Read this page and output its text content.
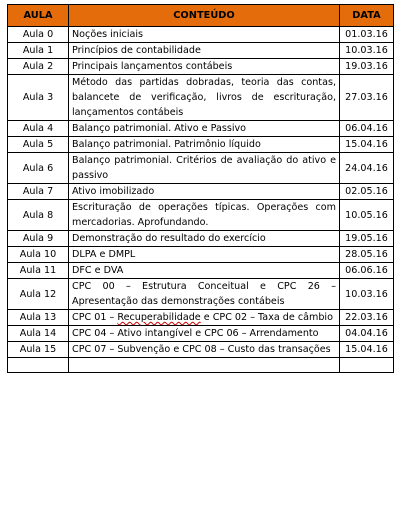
AULA	CONTEÚDO	DATA
Aula 0	Noções iniciais	01.03.16
Aula 1	Princípios de contabilidade	10.03.16
Aula 2	Principais lançamentos contábeis	19.03.16
Aula 3	Método das partidas dobradas, teoria das contas, balancete de verificação, livros de escrituração, lançamentos contábeis	27.03.16
Aula 4	Balanço patrimonial. Ativo e Passivo	06.04.16
Aula 5	Balanço patrimonial. Patrimônio líquido	15.04.16
Aula 6	Balanço patrimonial. Critérios de avaliação do ativo e passivo	24.04.16
Aula 7	Ativo imobilizado	02.05.16
Aula 8	Escrituração de operações típicas. Operações com mercadorias. Aprofundando.	10.05.16
Aula 9	Demonstração do resultado do exercício	19.05.16
Aula 10	DLPA e DMPL	28.05.16
Aula 11	DFC e DVA	06.06.16
Aula 12	CPC 00 – Estrutura Conceitual e CPC 26 – Apresentação das demonstrações contábeis	10.03.16
Aula 13	CPC 01 – Recuperabilidade e CPC 02 – Taxa de câmbio	22.03.16
Aula 14	CPC 04 – Ativo intangível e CPC 06 – Arrendamento	04.04.16
Aula 15	CPC 07 – Subvenção e CPC 08 – Custo das transações	15.04.16
